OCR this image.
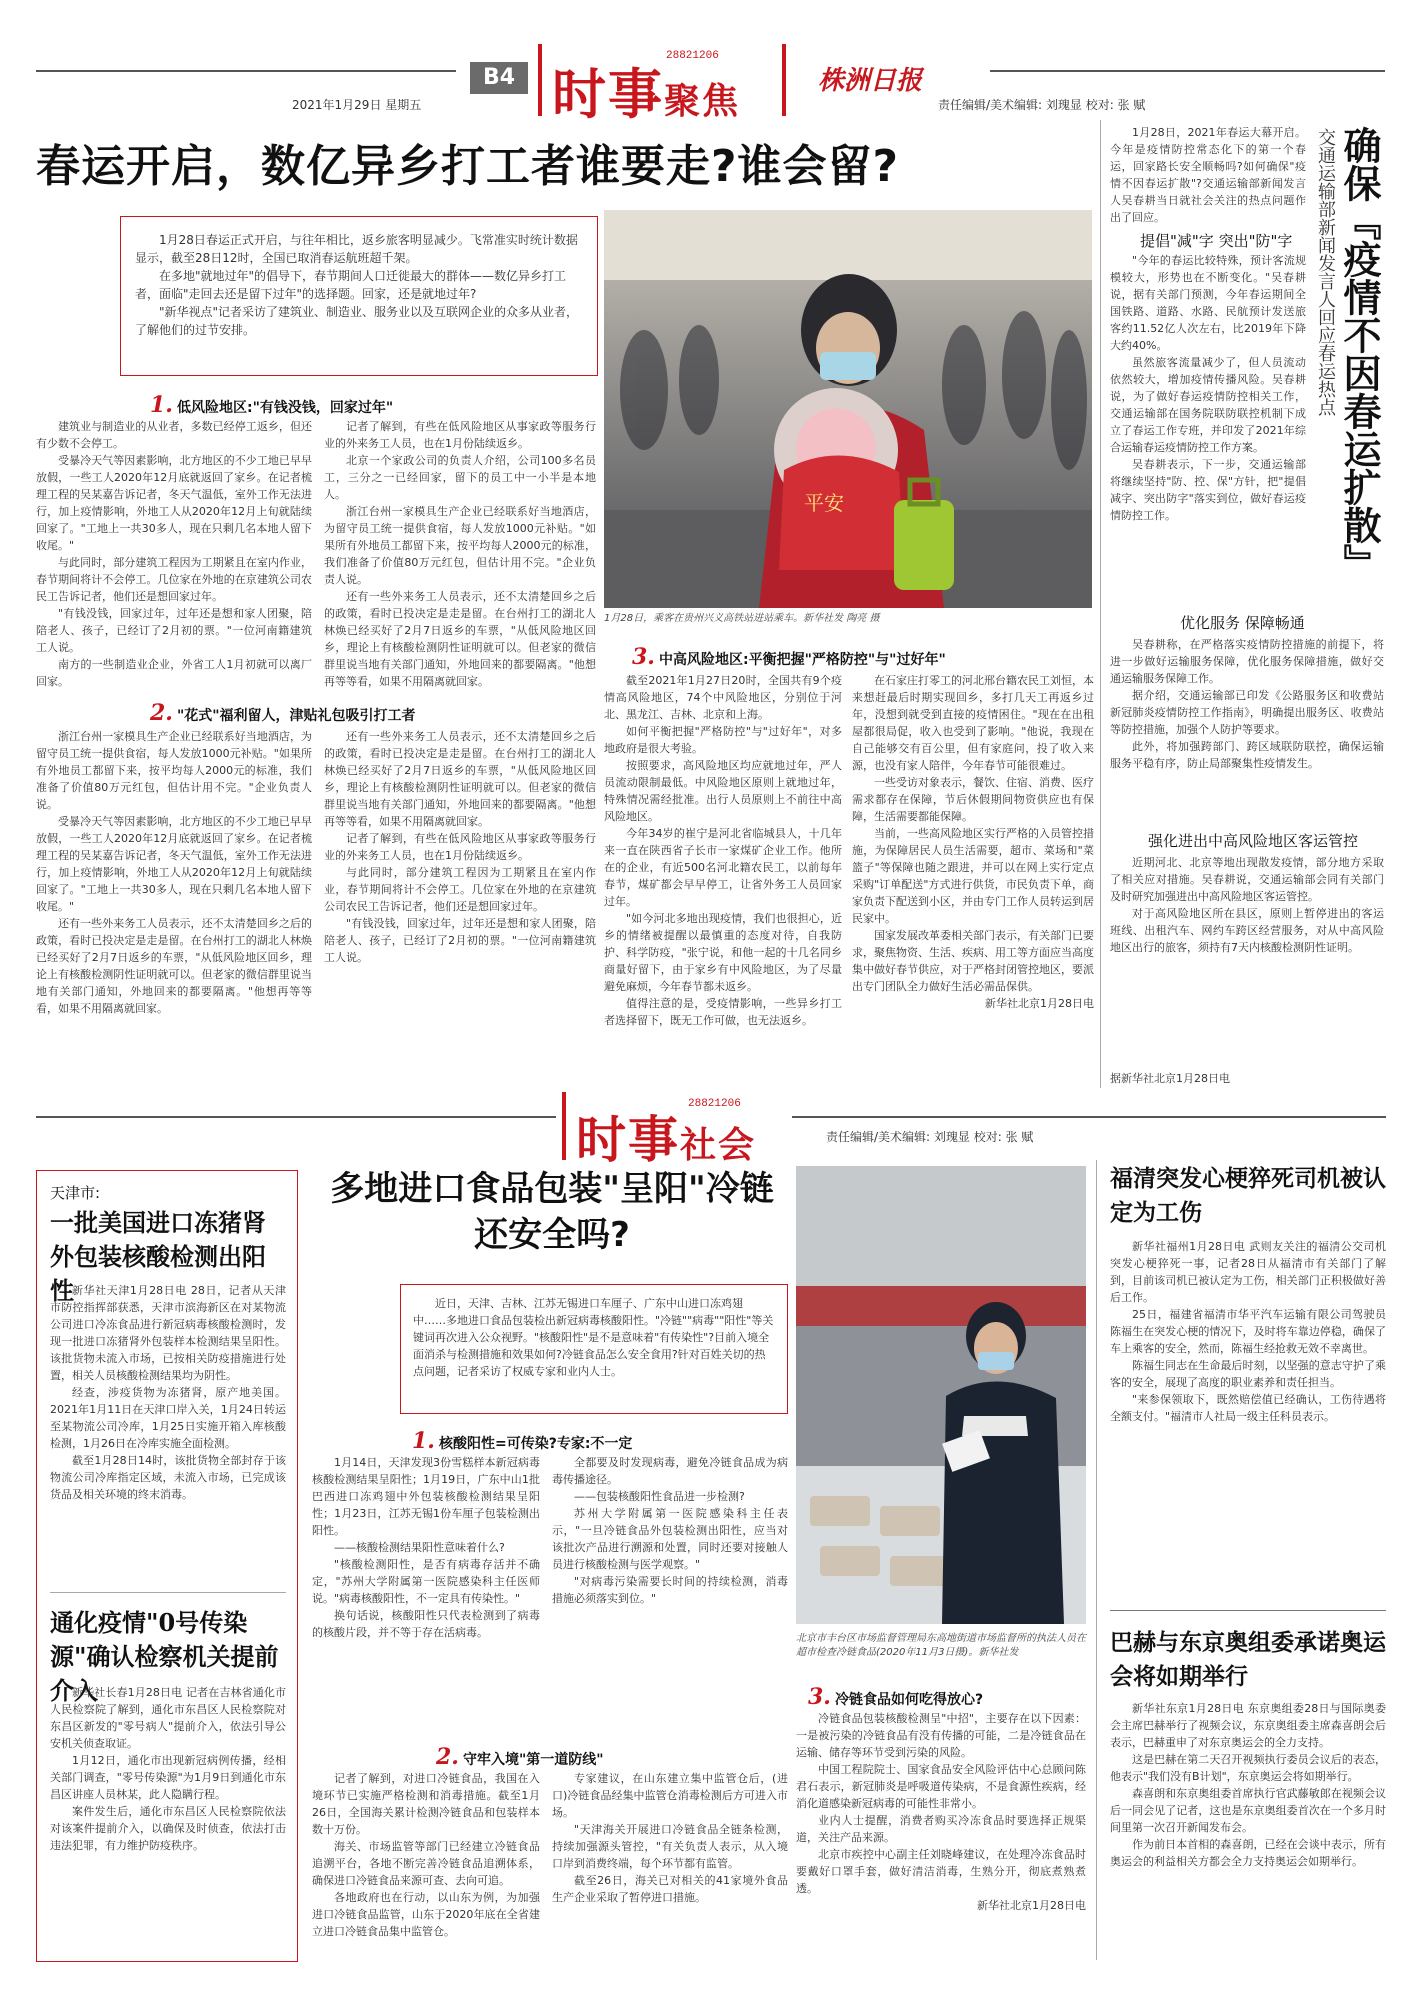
B4 时事聚焦
28821206
株洲日报
2021年1月29日 星期五	责任编辑/美术编辑: 刘瑰显 校对: 张 赋
春运开启，数亿异乡打工者谁要走?谁会留?

1月28日春运正式开启，与往年相比，返乡旅客明显减少。飞常准实时统计数据显示，截至28日12时，全国已取消春运航班超千架。

在多地"就地过年"的倡导下，春节期间人口迁徙最大的群体——数亿异乡打工者，面临"走回去还是留下过年"的选择题。回家，还是就地过年?

"新华视点"记者采访了建筑业、制造业、服务业以及互联网企业的众多从业者，了解他们的过节安排。

平安
1月28日，乘客在贵州兴义高铁站进站乘车。新华社发 陶亮 摄
1. 低风险地区:"有钱没钱，回家过年"

建筑业与制造业的从业者，多数已经停工返乡，但还有少数不会停工。

受暴冷天气等因素影响，北方地区的不少工地已早早放假，一些工人2020年12月底就返回了家乡。在记者梳理工程的吴某嘉告诉记者，冬天气温低，室外工作无法进行，加上疫情影响，外地工人从2020年12月上旬就陆续回家了。"工地上一共30多人，现在只剩几名本地人留下收尾。"

与此同时，部分建筑工程因为工期紧且在室内作业，春节期间将计不会停工。几位家在外地的在京建筑公司农民工告诉记者，他们还是想回家过年。

"有钱没钱，回家过年，过年还是想和家人团聚，陪陪老人、孩子，已经订了2月初的票。"一位河南籍建筑工人说。

南方的一些制造业企业，外省工人1月初就可以离厂回家。

记者了解到，有些在低风险地区从事家政等服务行业的外来务工人员，也在1月份陆续返乡。

北京一个家政公司的负责人介绍，公司100多名员工，三分之一已经回家，留下的员工中一小半是本地人。

浙江台州一家模具生产企业已经联系好当地酒店，为留守员工统一提供食宿，每人发放1000元补贴。"如果所有外地员工都留下来，按平均每人2000元的标准，我们准备了价值80万元红包，但估计用不完。"企业负责人说。

还有一些外来务工人员表示，还不太清楚回乡之后的政策，看时已投决定是走是留。在台州打工的湖北人林焕已经买好了2月7日返乡的车票，"从低风险地区回乡，理论上有核酸检测阴性证明就可以。但老家的微信群里说当地有关部门通知，外地回来的都要隔离。"他想再等等看，如果不用隔离就回家。

2. "花式"福利留人，津贴礼包吸引打工者

浙江台州一家模具生产企业已经联系好当地酒店，为留守员工统一提供食宿，每人发放1000元补贴。"如果所有外地员工都留下来，按平均每人2000元的标准，我们准备了价值80万元红包，但估计用不完。"企业负责人说。

受暴冷天气等因素影响，北方地区的不少工地已早早放假，一些工人2020年12月底就返回了家乡。在记者梳理工程的吴某嘉告诉记者，冬天气温低，室外工作无法进行，加上疫情影响，外地工人从2020年12月上旬就陆续回家了。"工地上一共30多人，现在只剩几名本地人留下收尾。"

还有一些外来务工人员表示，还不太清楚回乡之后的政策，看时已投决定是走是留。在台州打工的湖北人林焕已经买好了2月7日返乡的车票，"从低风险地区回乡，理论上有核酸检测阴性证明就可以。但老家的微信群里说当地有关部门通知，外地回来的都要隔离。"他想再等等看，如果不用隔离就回家。

还有一些外来务工人员表示，还不太清楚回乡之后的政策，看时已投决定是走是留。在台州打工的湖北人林焕已经买好了2月7日返乡的车票，"从低风险地区回乡，理论上有核酸检测阴性证明就可以。但老家的微信群里说当地有关部门通知，外地回来的都要隔离。"他想再等等看，如果不用隔离就回家。

记者了解到，有些在低风险地区从事家政等服务行业的外来务工人员，也在1月份陆续返乡。

与此同时，部分建筑工程因为工期紧且在室内作业，春节期间将计不会停工。几位家在外地的在京建筑公司农民工告诉记者，他们还是想回家过年。

"有钱没钱，回家过年，过年还是想和家人团聚，陪陪老人、孩子，已经订了2月初的票。"一位河南籍建筑工人说。

3. 中高风险地区:平衡把握"严格防控"与"过好年"

截至2021年1月27日20时，全国共有9个疫情高风险地区，74个中风险地区，分别位于河北、黑龙江、吉林、北京和上海。

如何平衡把握"严格防控"与"过好年"，对多地政府是很大考验。

按照要求，高风险地区均应就地过年，严人员流动限制最低。中风险地区原则上就地过年，特殊情况需经批准。出行人员原则上不前往中高风险地区。

今年34岁的崔宁是河北省临城县人，十几年来一直在陕西省子长市一家煤矿企业工作。他所在的企业，有近500名河北籍农民工，以前每年春节，煤矿都会早早停工，让省外务工人员回家过年。

"如今河北多地出现疫情，我们也很担心，近乡的情绪被提醒以最慎重的态度对待，自我防护、科学防疫，"张宁说，和他一起的十几名同乡商量好留下，由于家乡有中风险地区，为了尽量避免麻烦，今年春节都未返乡。

值得注意的是，受疫情影响，一些异乡打工者选择留下，既无工作可做，也无法返乡。

在石家庄打零工的河北邢台籍农民工刘恒，本来想赶最后时期实现回乡，多打几天工再返乡过年，没想到就受到直接的疫情困住。"现在在出租屋都很局促，收入也受到了影响。"他说，我现在自己能够交有百公里，但有家庭问，投了收入来源，也没有家人陪伴，今年春节可能很难过。

一些受访对象表示，餐饮、住宿、消费、医疗需求都存在保障，节后休假期间物资供应也有保障，生活需要都能保障。

当前，一些高风险地区实行严格的入员管控措施，为保障居民人员生活需要，超市、菜场和"菜篮子"等保障也随之跟进，并可以在网上实行定点采购"订单配送"方式进行供货，市民负责下单，商家负责下配送到小区，并由专门工作人员转运到居民家中。

国家发展改革委相关部门表示，有关部门已要求，聚焦物资、生活、疾病、用工等方面应当高度集中做好春节供应，对于严格封闭管控地区，要派出专门团队全力做好生活必需品保供。

新华社北京1月28日电

1月28日，2021年春运大幕开启。今年是疫情防控常态化下的第一个春运，回家路长安全顺畅吗?如何确保"疫情不因春运扩散"?交通运输部新闻发言人吴春耕当日就社会关注的热点问题作出了回应。	确保『疫情不因春运扩散』
交通运输部新闻发言人回应春运热点
提倡"减"字 突出"防"字

"今年的春运比较特殊，预计客流规模较大，形势也在不断变化。"吴春耕说，据有关部门预测，今年春运期间全国铁路、道路、水路、民航预计发送旅客约11.52亿人次左右，比2019年下降大约40%。

虽然旅客流量减少了，但人员流动依然较大，增加疫情传播风险。吴春耕说，为了做好春运疫情防控相关工作，交通运输部在国务院联防联控机制下成立了春运工作专班，并印发了2021年综合运输春运疫情防控工作方案。

吴春耕表示，下一步，交通运输部将继续坚持"防、控、保"方针，把"提倡减字、突出防字"落实到位，做好春运疫情防控工作。

优化服务 保障畅通

吴春耕称，在严格落实疫情防控措施的前提下，将进一步做好运输服务保障，优化服务保障措施，做好交通运输服务保障工作。

据介绍，交通运输部已印发《公路服务区和收费站新冠肺炎疫情防控工作指南》，明确提出服务区、收费站等防控措施，加强个人防护等要求。

此外，将加强跨部门、跨区域联防联控，确保运输服务平稳有序，防止局部聚集性疫情发生。

强化进出中高风险地区客运管控

近期河北、北京等地出现散发疫情，部分地方采取了相关应对措施。吴春耕说，交通运输部会同有关部门及时研究加强进出中高风险地区客运管控。

对于高风险地区所在县区，原则上暂停进出的客运班线、出租汽车、网约车跨区经营服务，对从中高风险地区出行的旅客，须持有7天内核酸检测阴性证明。

据新华社北京1月28日电
时事社会
28821206
责任编辑/美术编辑: 刘瑰显 校对: 张 赋
天津市:
一批美国进口冻猪肾外包装核酸检测出阳性

新华社天津1月28日电 28日，记者从天津市防控指挥部获悉，天津市滨海新区在对某物流公司进口冷冻食品进行新冠病毒核酸检测时，发现一批进口冻猪肾外包装样本检测结果呈阳性。该批货物未流入市场，已按相关防疫措施进行处置，相关人员核酸检测结果均为阴性。

经查，涉疫货物为冻猪肾，原产地美国。2021年1月11日在天津口岸入关，1月24日转运至某物流公司冷库，1月25日实施开箱入库核酸检测，1月26日在冷库实施全面检测。

截至1月28日14时，该批货物全部封存于该物流公司冷库指定区域，未流入市场，已完成该货品及相关环境的终末消毒。

通化疫情"0号传染源"确认检察机关提前介入

新华社长春1月28日电 记者在吉林省通化市人民检察院了解到，通化市东昌区人民检察院对东昌区新发的"零号病人"提前介入，依法引导公安机关侦查取证。

1月12日，通化市出现新冠病例传播，经相关部门调查，"零号传染源"为1月9日到通化市东昌区讲座人员林某，此人隐瞒行程。

案件发生后，通化市东昌区人民检察院依法对该案件提前介入，以确保及时侦查，依法打击违法犯罪，有力维护防疫秩序。

多地进口食品包装"呈阳"冷链还安全吗?

近日，天津、吉林、江苏无锡进口车厘子、广东中山进口冻鸡翅中……多地进口食品包装检出新冠病毒核酸阳性。"冷链""病毒""阳性"等关键词再次进入公众视野。"核酸阳性"是不是意味着"有传染性"?目前入境全面消杀与检测措施和效果如何?冷链食品怎么安全食用?针对百姓关切的热点问题，记者采访了权威专家和业内人士。

1. 核酸阳性=可传染?专家:不一定

1月14日，天津发现3份雪糕样本新冠病毒核酸检测结果呈阳性；1月19日，广东中山1批巴西进口冻鸡翅中外包装核酸检测结果呈阳性；1月23日，江苏无锡1份车厘子包装检测出阳性。

——核酸检测结果阳性意味着什么?

"核酸检测阳性，是否有病毒存活并不确定，"苏州大学附属第一医院感染科主任医师说。"病毒核酸阳性，不一定具有传染性。"

换句话说，核酸阳性只代表检测到了病毒的核酸片段，并不等于存在活病毒。

全都要及时发现病毒，避免冷链食品成为病毒传播途径。

——包装核酸阳性食品进一步检测?

苏州大学附属第一医院感染科主任表示，"一旦冷链食品外包装检测出阳性，应当对该批次产品进行溯源和处置，同时还要对接触人员进行核酸检测与医学观察。"

"对病毒污染需要长时间的持续检测，消毒措施必须落实到位。"

2. 守牢入境"第一道防线"

记者了解到，对进口冷链食品，我国在入境环节已实施严格检测和消毒措施。截至1月26日，全国海关累计检测冷链食品和包装样本数十万份。

海关、市场监管等部门已经建立冷链食品追溯平台，各地不断完善冷链食品追溯体系，确保进口冷链食品来源可查、去向可追。

各地政府也在行动，以山东为例，为加强进口冷链食品监管，山东于2020年底在全省建立进口冷链食品集中监管仓。

专家建议，在山东建立集中监管仓后，(进口)冷链食品经集中监管仓消毒检测后方可进入市场。

"天津海关开展进口冷链食品全链条检测，持续加强源头管控，"有关负责人表示，从入境口岸到消费终端，每个环节都有监管。

截至26日，海关已对相关的41家境外食品生产企业采取了暂停进口措施。

北京市丰台区市场监督管理局东高地街道市场监督所的执法人员在超市检查冷链食品(2020年11月3日摄)。新华社发
3. 冷链食品如何吃得放心?

冷链食品包装核酸检测呈"中招"，主要存在以下因素：一是被污染的冷链食品有没有传播的可能，二是冷链食品在运输、储存等环节受到污染的风险。

中国工程院院士、国家食品安全风险评估中心总顾问陈君石表示，新冠肺炎是呼吸道传染病，不是食源性疾病，经消化道感染新冠病毒的可能性非常小。

业内人士提醒，消费者购买冷冻食品时要选择正规渠道，关注产品来源。

北京市疾控中心副主任刘晓峰建议，在处理冷冻食品时要戴好口罩手套，做好清洁消毒，生熟分开，彻底煮熟煮透。

新华社北京1月28日电

福清突发心梗猝死司机被认定为工伤

新华社福州1月28日电 武则友关注的福清公交司机突发心梗猝死一事，记者28日从福清市有关部门了解到，目前该司机已被认定为工伤，相关部门正积极做好善后工作。

25日，福建省福清市华平汽车运输有限公司驾驶员陈福生在突发心梗的情况下，及时将车靠边停稳，确保了车上乘客的安全，然而，陈福生经抢救无效不幸离世。

陈福生同志在生命最后时刻，以坚强的意志守护了乘客的安全，展现了高度的职业素养和责任担当。

"来参保领取下，既然赔偿值已经确认，工伤待遇将全额支付。"福清市人社局一级主任科员表示。

巴赫与东京奥组委承诺奥运会将如期举行

新华社东京1月28日电 东京奥组委28日与国际奥委会主席巴赫举行了视频会议，东京奥组委主席森喜朗会后表示，巴赫重申了对东京奥运会的全力支持。

这是巴赫在第二天召开视频执行委员会议后的表态，他表示"我们没有B计划"，东京奥运会将如期举行。

森喜朗和东京奥组委首席执行官武藤敏郎在视频会议后一同会见了记者，这也是东京奥组委首次在一个多月时间里第一次召开新闻发布会。

作为前日本首相的森喜朗，已经在会谈中表示，所有奥运会的利益相关方都会全力支持奥运会如期举行。
